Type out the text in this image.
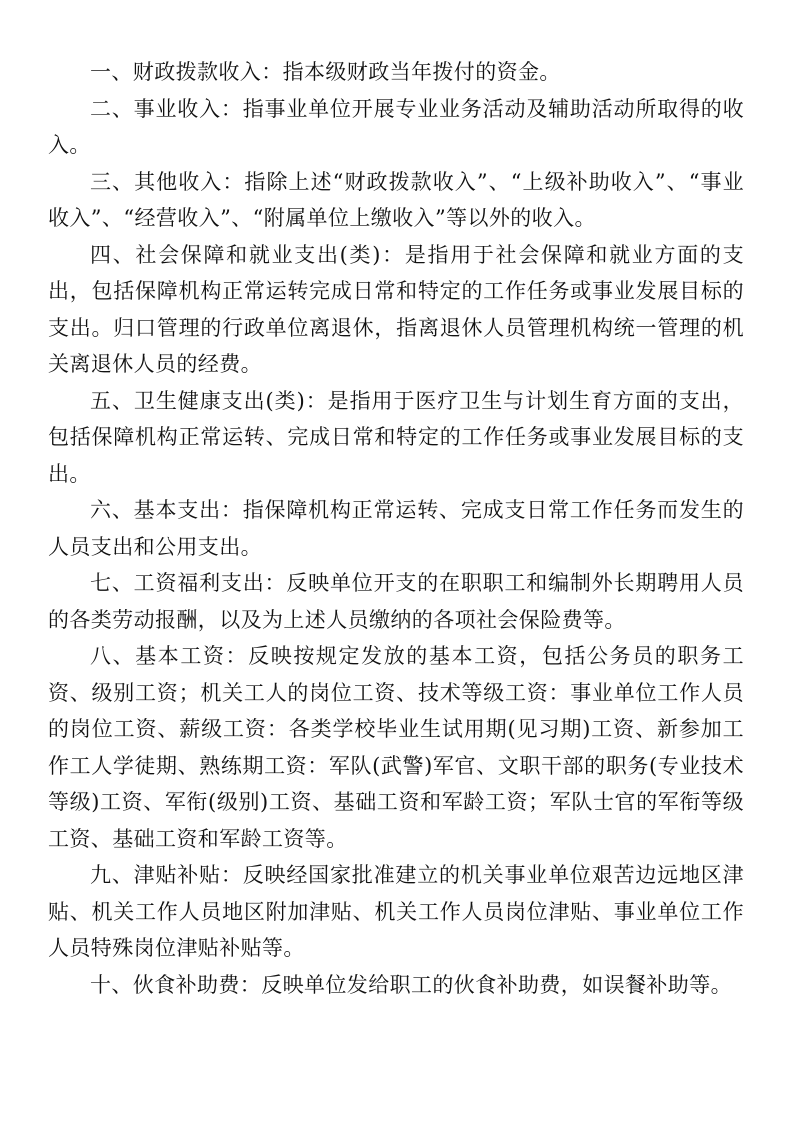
一、财政拨款收入：指本级财政当年拨付的资金。

二、事业收入：指事业单位开展专业业务活动及辅助活动所取得的收入。

三、其他收入：指除上述“财政拨款收入”、“上级补助收入”、“事业收入”、“经营收入”、“附属单位上缴收入”等以外的收入。

四、社会保障和就业支出(类)：是指用于社会保障和就业方面的支出，包括保障机构正常运转完成日常和特定的工作任务或事业发展目标的支出。归口管理的行政单位离退休，指离退休人员管理机构统一管理的机关离退休人员的经费。

五、卫生健康支出(类)：是指用于医疗卫生与计划生育方面的支出，包括保障机构正常运转、完成日常和特定的工作任务或事业发展目标的支出。

六、基本支出：指保障机构正常运转、完成支日常工作任务而发生的人员支出和公用支出。

七、工资福利支出：反映单位开支的在职职工和编制外长期聘用人员的各类劳动报酬，以及为上述人员缴纳的各项社会保险费等。

八、基本工资：反映按规定发放的基本工资，包括公务员的职务工资、级别工资；机关工人的岗位工资、技术等级工资：事业单位工作人员的岗位工资、薪级工资：各类学校毕业生试用期(见习期)工资、新参加工作工人学徒期、熟练期工资：军队(武警)军官、文职干部的职务(专业技术等级)工资、军衔(级别)工资、基础工资和军龄工资；军队士官的军衔等级工资、基础工资和军龄工资等。

九、津贴补贴：反映经国家批准建立的机关事业单位艰苦边远地区津贴、机关工作人员地区附加津贴、机关工作人员岗位津贴、事业单位工作人员特殊岗位津贴补贴等。

十、伙食补助费：反映单位发给职工的伙食补助费，如误餐补助等。
